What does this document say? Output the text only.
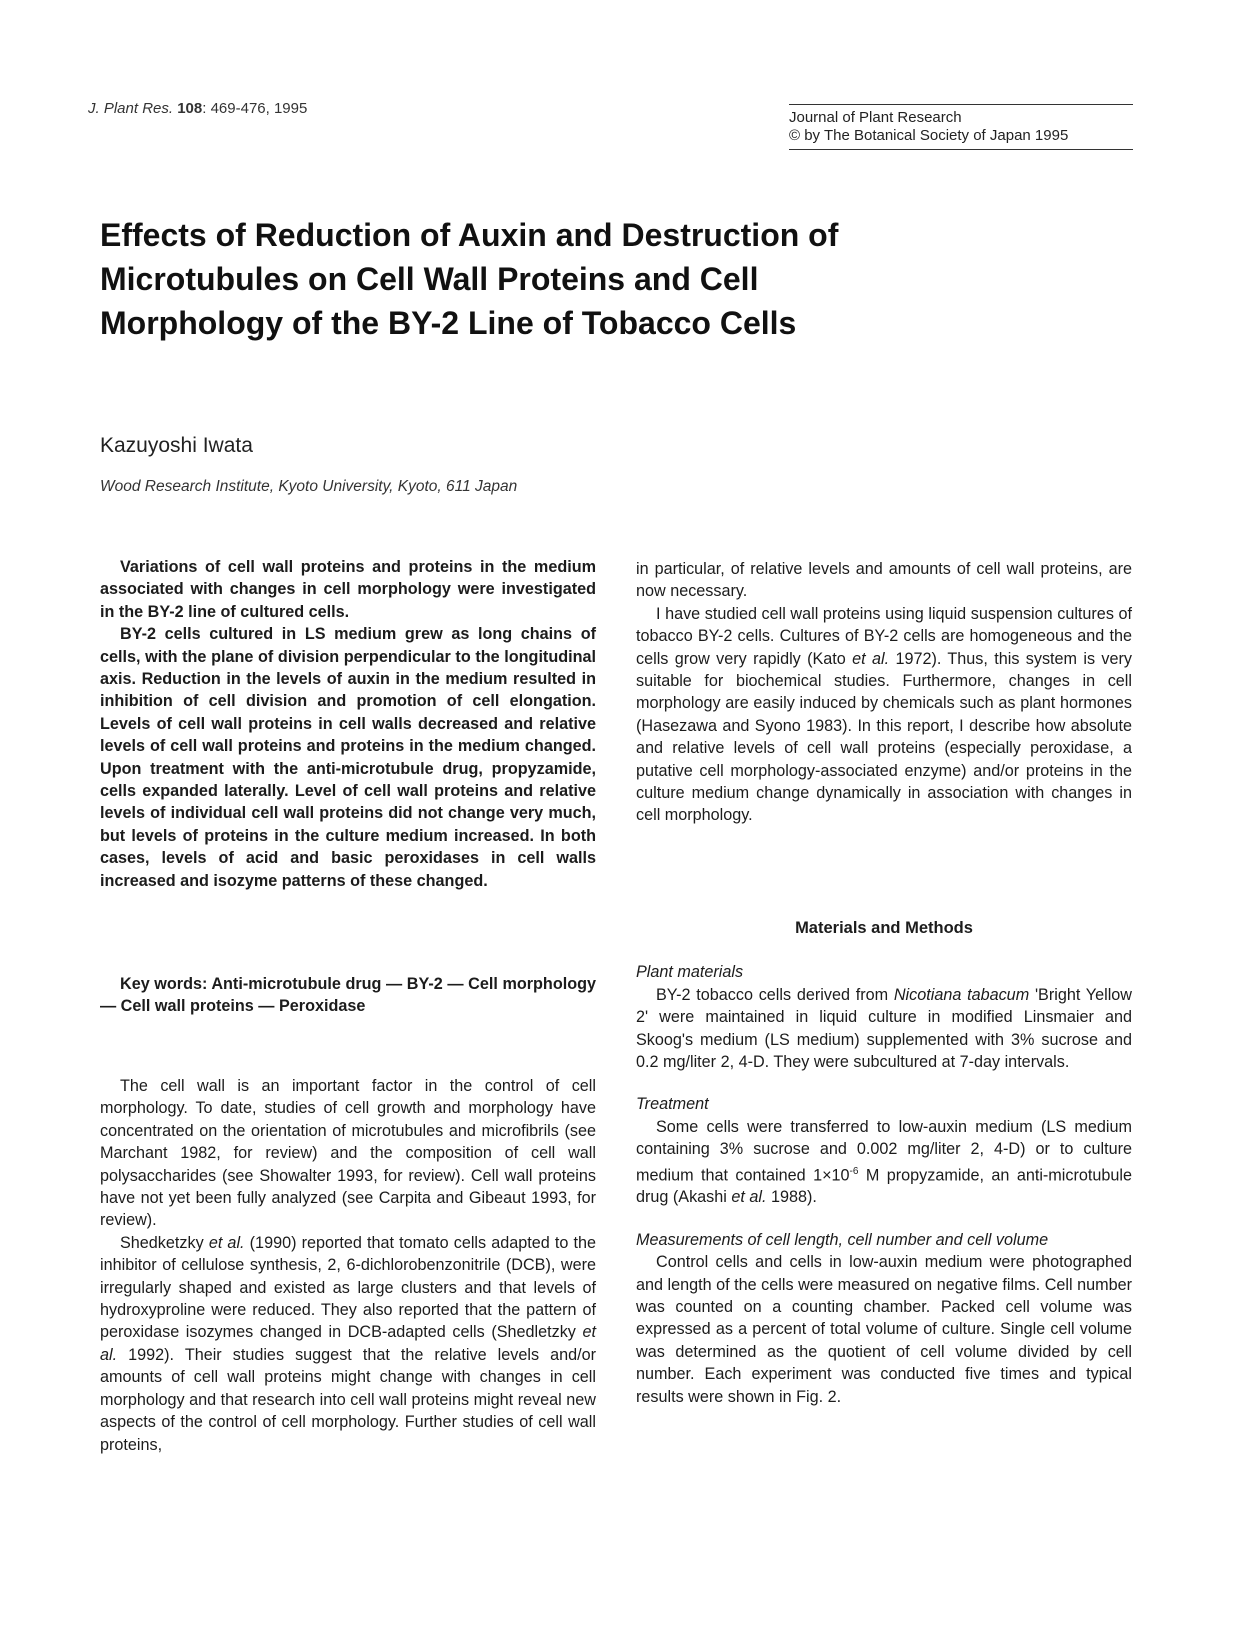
J. Plant Res. 108: 469-476, 1995
Journal of Plant Research
© by The Botanical Society of Japan 1995
Effects of Reduction of Auxin and Destruction of Microtubules on Cell Wall Proteins and Cell Morphology of the BY-2 Line of Tobacco Cells
Kazuyoshi Iwata
Wood Research Institute, Kyoto University, Kyoto, 611 Japan

Variations of cell wall proteins and proteins in the medium associated with changes in cell morphology were investigated in the BY-2 line of cultured cells.

BY-2 cells cultured in LS medium grew as long chains of cells, with the plane of division perpendicular to the longitudinal axis. Reduction in the levels of auxin in the medium resulted in inhibition of cell division and promotion of cell elongation. Levels of cell wall proteins in cell walls decreased and relative levels of cell wall proteins and proteins in the medium changed. Upon treatment with the anti-microtubule drug, propyzamide, cells expanded laterally. Level of cell wall proteins and relative levels of individual cell wall proteins did not change very much, but levels of proteins in the culture medium increased. In both cases, levels of acid and basic peroxidases in cell walls increased and isozyme patterns of these changed.

Key words: Anti-microtubule drug — BY-2 — Cell morphology — Cell wall proteins — Peroxidase

The cell wall is an important factor in the control of cell morphology. To date, studies of cell growth and morphology have concentrated on the orientation of microtubules and microfibrils (see Marchant 1982, for review) and the composition of cell wall polysaccharides (see Showalter 1993, for review). Cell wall proteins have not yet been fully analyzed (see Carpita and Gibeaut 1993, for review).

Shedketzky et al. (1990) reported that tomato cells adapted to the inhibitor of cellulose synthesis, 2, 6-dichlorobenzonitrile (DCB), were irregularly shaped and existed as large clusters and that levels of hydroxyproline were reduced. They also reported that the pattern of peroxidase isozymes changed in DCB-adapted cells (Shedletzky et al. 1992). Their studies suggest that the relative levels and/or amounts of cell wall proteins might change with changes in cell morphology and that research into cell wall proteins might reveal new aspects of the control of cell morphology. Further studies of cell wall proteins,

in particular, of relative levels and amounts of cell wall proteins, are now necessary.

I have studied cell wall proteins using liquid suspension cultures of tobacco BY-2 cells. Cultures of BY-2 cells are homogeneous and the cells grow very rapidly (Kato et al. 1972). Thus, this system is very suitable for biochemical studies. Furthermore, changes in cell morphology are easily induced by chemicals such as plant hormones (Hasezawa and Syono 1983). In this report, I describe how absolute and relative levels of cell wall proteins (especially peroxidase, a putative cell morphology-associated enzyme) and/or proteins in the culture medium change dynamically in association with changes in cell morphology.

Materials and Methods
Plant materials

BY-2 tobacco cells derived from Nicotiana tabacum 'Bright Yellow 2' were maintained in liquid culture in modified Linsmaier and Skoog's medium (LS medium) supplemented with 3% sucrose and 0.2 mg/liter 2, 4-D. They were subcultured at 7-day intervals.

Treatment

Some cells were transferred to low-auxin medium (LS medium containing 3% sucrose and 0.002 mg/liter 2, 4-D) or to culture medium that contained $1\times 10^{-6}$ M propyzamide, an anti-microtubule drug (Akashi et al. 1988).

Measurements of cell length, cell number and cell volume

Control cells and cells in low-auxin medium were photographed and length of the cells were measured on negative films. Cell number was counted on a counting chamber. Packed cell volume was expressed as a percent of total volume of culture. Single cell volume was determined as the quotient of cell volume divided by cell number. Each experiment was conducted five times and typical results were shown in Fig. 2.
